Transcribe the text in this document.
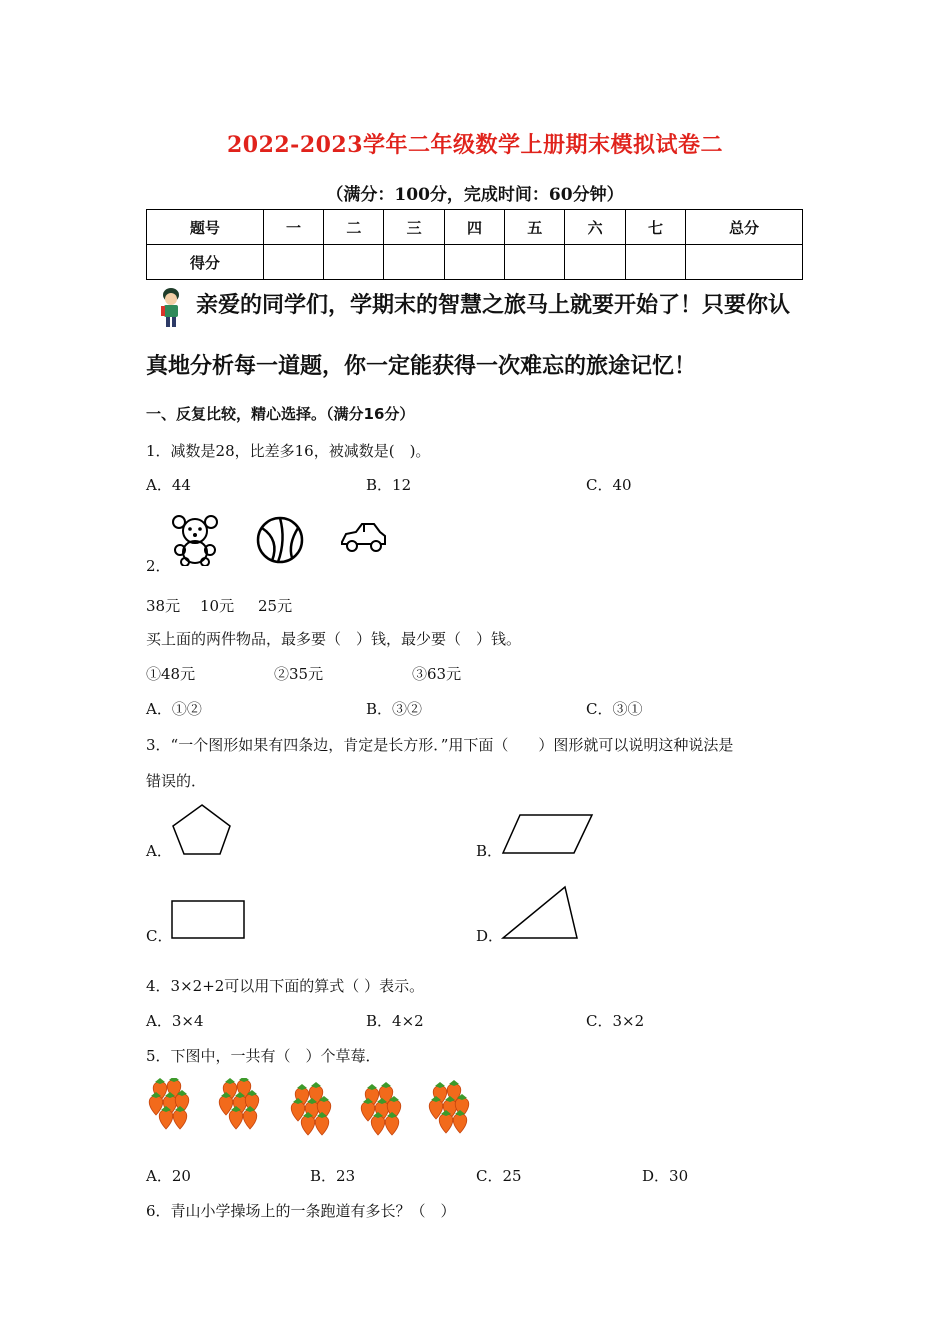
2022-2023学年二年级数学上册期末模拟试卷二
（满分：100分，完成时间：60分钟）
题号	一	二	三	四	五	六	七	总分
得分								
亲爱的同学们，学期末的智慧之旅马上就要开始了！只要你认
真地分析每一道题，你一定能获得一次难忘的旅途记忆！
一、反复比较，精心选择。（满分16分）
1．减数是28，比差多16，被减数是(　)。
A．44	B．12	C．40
2．
38元 10元 25元
买上面的两件物品，最多要（　）钱，最少要（　）钱。
①48元	②35元	③63元
A．①②	B．③②	C．③①
3．“一个图形如果有四条边，肯定是长方形．”用下面（　　）图形就可以说明这种说法是
错误的．
A．	B．
C．	D．
4．3×2+2可以用下面的算式（ ）表示。
A．3×4	B．4×2	C．3×2
5．下图中，一共有（　）个草莓．
A．20	B．23	C．25	D．30
6．青山小学操场上的一条跑道有多长？（　）
